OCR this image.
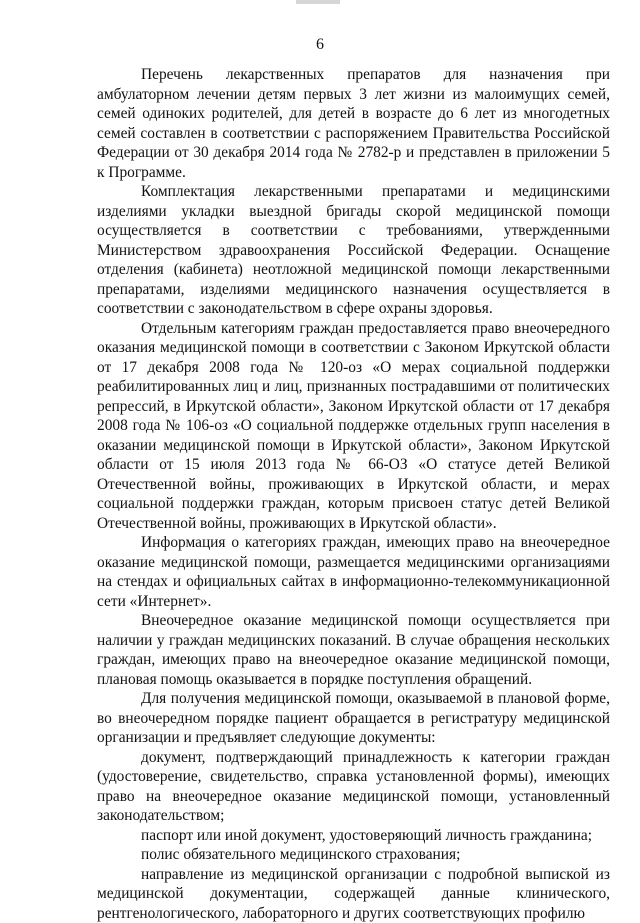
6

Перечень лекарственных препаратов для назначения при амбулаторном лечении детям первых 3 лет жизни из малоимущих семей, семей одиноких родителей, для детей в возрасте до 6 лет из многодетных семей составлен в соответствии с распоряжением Правительства Российской Федерации от 30 декабря 2014 года № 2782-р и представлен в приложении 5 к Программе.

Комплектация лекарственными препаратами и медицинскими изделиями укладки выездной бригады скорой медицинской помощи осуществляется в соответствии с требованиями, утвержденными Министерством здравоохранения Российской Федерации. Оснащение отделения (кабинета) неотложной медицинской помощи лекарственными препаратами, изделиями медицинского назначения осуществляется в соответствии с законодательством в сфере охраны здоровья.

Отдельным категориям граждан предоставляется право внеочередного оказания медицинской помощи в соответствии с Законом Иркутской области от 17 декабря 2008 года № 120-оз «О мерах социальной поддержки реабилитированных лиц и лиц, признанных пострадавшими от политических репрессий, в Иркутской области», Законом Иркутской области от 17 декабря 2008 года № 106-оз «О социальной поддержке отдельных групп населения в оказании медицинской помощи в Иркутской области», Законом Иркутской области от 15 июля 2013 года № 66-ОЗ «О статусе детей Великой Отечественной войны, проживающих в Иркутской области, и мерах социальной поддержки граждан, которым присвоен статус детей Великой Отечественной войны, проживающих в Иркутской области».

Информация о категориях граждан, имеющих право на внеочередное оказание медицинской помощи, размещается медицинскими организациями на стендах и официальных сайтах в информационно-телекоммуникационной сети «Интернет».

Внеочередное оказание медицинской помощи осуществляется при наличии у граждан медицинских показаний. В случае обращения нескольких граждан, имеющих право на внеочередное оказание медицинской помощи, плановая помощь оказывается в порядке поступления обращений.

Для получения медицинской помощи, оказываемой в плановой форме, во внеочередном порядке пациент обращается в регистратуру медицинской организации и предъявляет следующие документы:

документ, подтверждающий принадлежность к категории граждан (удостоверение, свидетельство, справка установленной формы), имеющих право на внеочередное оказание медицинской помощи, установленный законодательством;

паспорт или иной документ, удостоверяющий личность гражданина;

полис обязательного медицинского страхования;

направление из медицинской организации с подробной выпиской из медицинской документации, содержащей данные клинического, рентгенологического, лабораторного и других соответствующих профилю
